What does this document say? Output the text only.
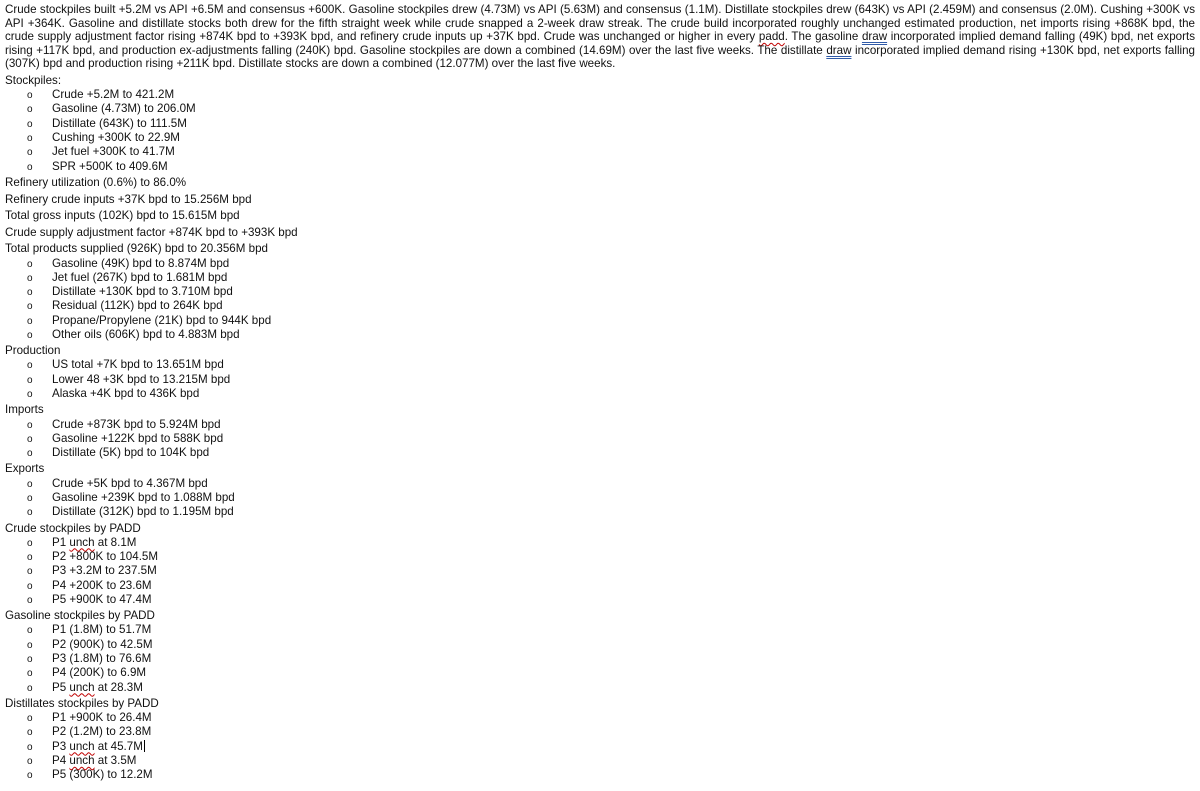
Crude stockpiles built +5.2M vs API +6.5M and consensus +600K. Gasoline stockpiles drew (4.73M) vs API (5.63M) and consensus (1.1M). Distillate stockpiles drew (643K) vs API (2.459M) and consensus (2.0M). Cushing +300K vs API +364K. Gasoline and distillate stocks both drew for the fifth straight week while crude snapped a 2-week draw streak. The crude build incorporated roughly unchanged estimated production, net imports rising +868K bpd, the crude supply adjustment factor rising +874K bpd to +393K bpd, and refinery crude inputs up +37K bpd. Crude was unchanged or higher in every padd. The gasoline draw incorporated implied demand falling (49K) bpd, net exports rising +117K bpd, and production ex-adjustments falling (240K) bpd. Gasoline stockpiles are down a combined (14.69M) over the last five weeks. The distillate draw incorporated implied demand rising +130K bpd, net exports falling (307K) bpd and production rising +211K bpd. Distillate stocks are down a combined (12.077M) over the last five weeks.

Stockpiles:
o Crude +5.2M to 421.2M
o Gasoline (4.73M) to 206.0M
o Distillate (643K) to 111.5M
o Cushing +300K to 22.9M
o Jet fuel +300K to 41.7M
o SPR +500K to 409.6M
Refinery utilization (0.6%) to 86.0%
Refinery crude inputs +37K bpd to 15.256M bpd
Total gross inputs (102K) bpd to 15.615M bpd
Crude supply adjustment factor +874K bpd to +393K bpd
Total products supplied (926K) bpd to 20.356M bpd
o Gasoline (49K) bpd to 8.874M bpd
o Jet fuel (267K) bpd to 1.681M bpd
o Distillate +130K bpd to 3.710M bpd
o Residual (112K) bpd to 264K bpd
o Propane/Propylene (21K) bpd to 944K bpd
o Other oils (606K) bpd to 4.883M bpd
Production
o US total +7K bpd to 13.651M bpd
o Lower 48 +3K bpd to 13.215M bpd
o Alaska +4K bpd to 436K bpd
Imports
o Crude +873K bpd to 5.924M bpd
o Gasoline +122K bpd to 588K bpd
o Distillate (5K) bpd to 104K bpd
Exports
o Crude +5K bpd to 4.367M bpd
o Gasoline +239K bpd to 1.088M bpd
o Distillate (312K) bpd to 1.195M bpd
Crude stockpiles by PADD
o P1 unch at 8.1M
o P2 +800K to 104.5M
o P3 +3.2M to 237.5M
o P4 +200K to 23.6M
o P5 +900K to 47.4M
Gasoline stockpiles by PADD
o P1 (1.8M) to 51.7M
o P2 (900K) to 42.5M
o P3 (1.8M) to 76.6M
o P4 (200K) to 6.9M
o P5 unch at 28.3M
Distillates stockpiles by PADD
o P1 +900K to 26.4M
o P2 (1.2M) to 23.8M
o P3 unch at 45.7M
o P4 unch at 3.5M
o P5 (300K) to 12.2M
